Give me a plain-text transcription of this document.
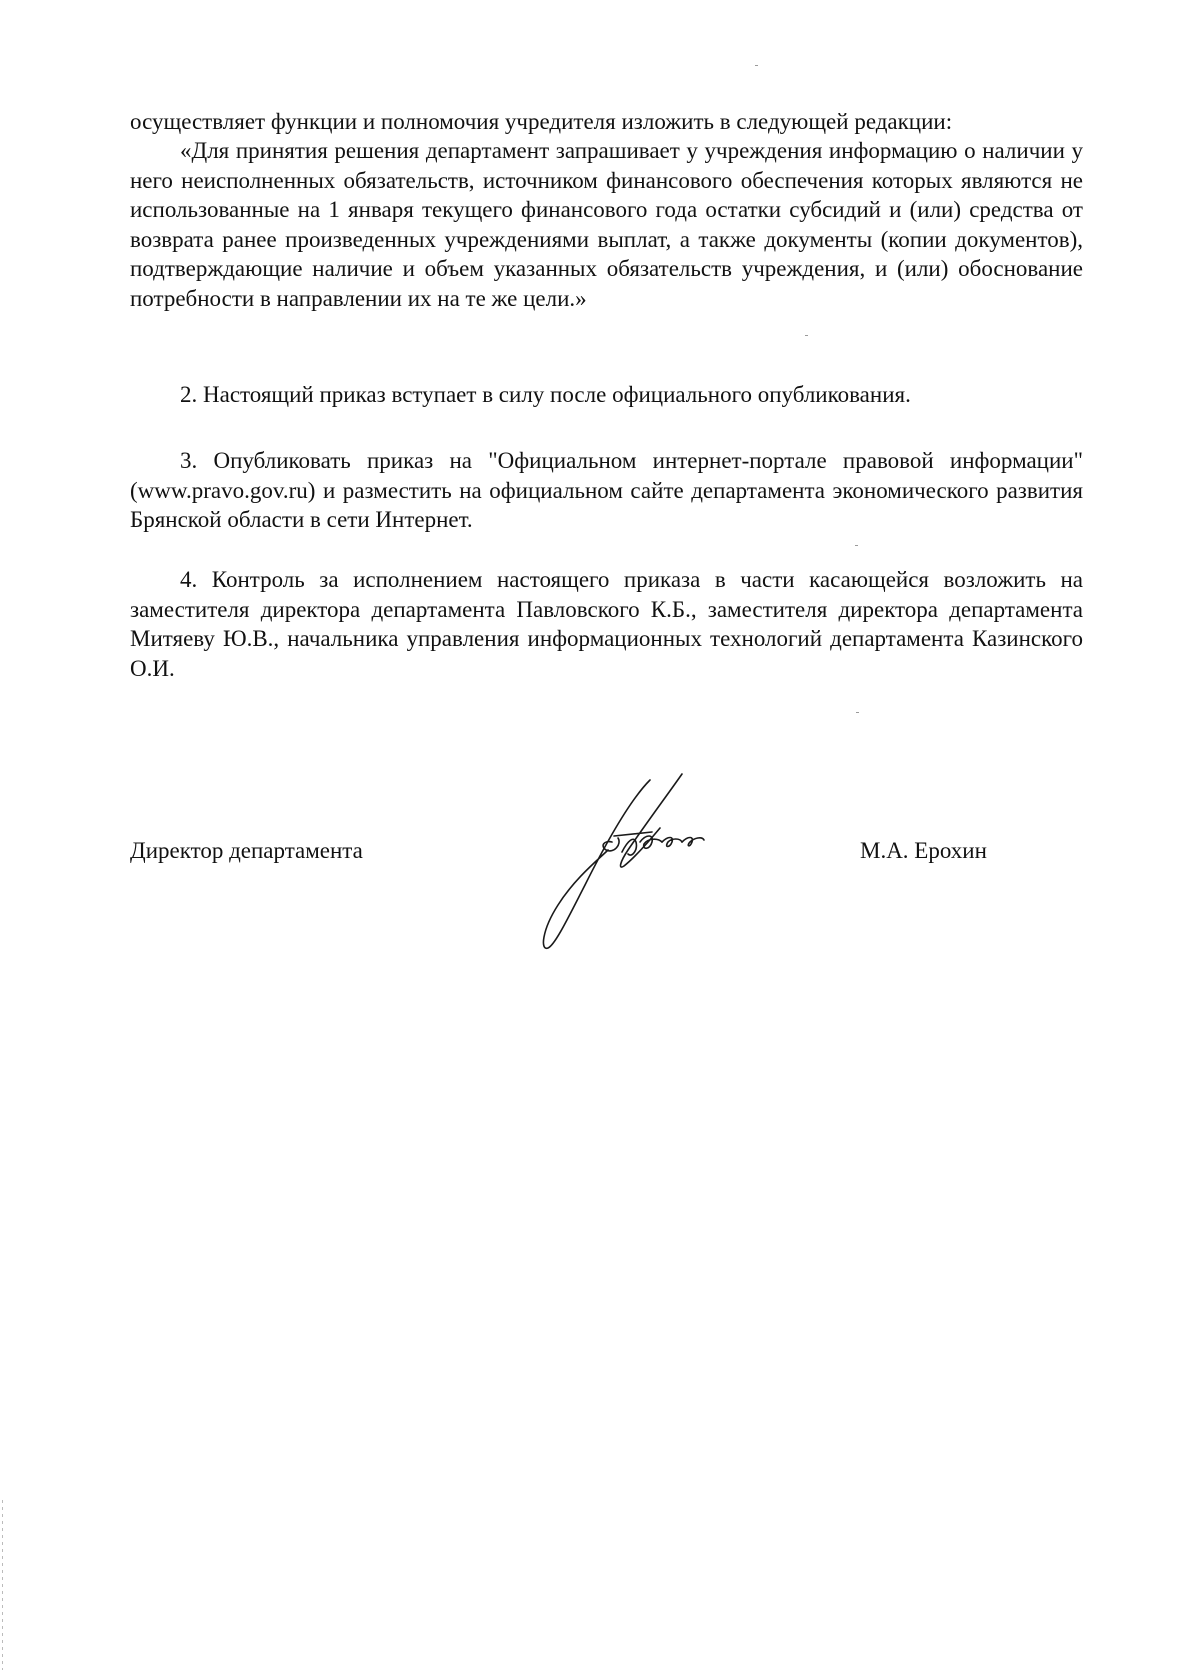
осуществляет функции и полномочия учредителя изложить в следующей редакции:

«Для принятия решения департамент запрашивает у учреждения информацию о наличии у него неисполненных обязательств, источником финансового обеспечения которых являются не использованные на 1 января текущего финансового года остатки субсидий и (или) средства от возврата ранее произведенных учреждениями выплат, а также документы (копии документов), подтверждающие наличие и объем указанных обязательств учреждения, и (или) обоснование потребности в направлении их на те же цели.»

2. Настоящий приказ вступает в силу после официального опубликования.

3. Опубликовать приказ на "Официальном интернет-портале правовой информации" (www.pravo.gov.ru) и разместить на официальном сайте департамента экономического развития Брянской области в сети Интернет.

4. Контроль за исполнением настоящего приказа в части касающейся возложить на заместителя директора департамента Павловского К.Б., заместителя директора департамента Митяеву Ю.В., начальника управления информационных технологий департамента Казинского О.И.

Директор департамента	М.А. Ерохин
